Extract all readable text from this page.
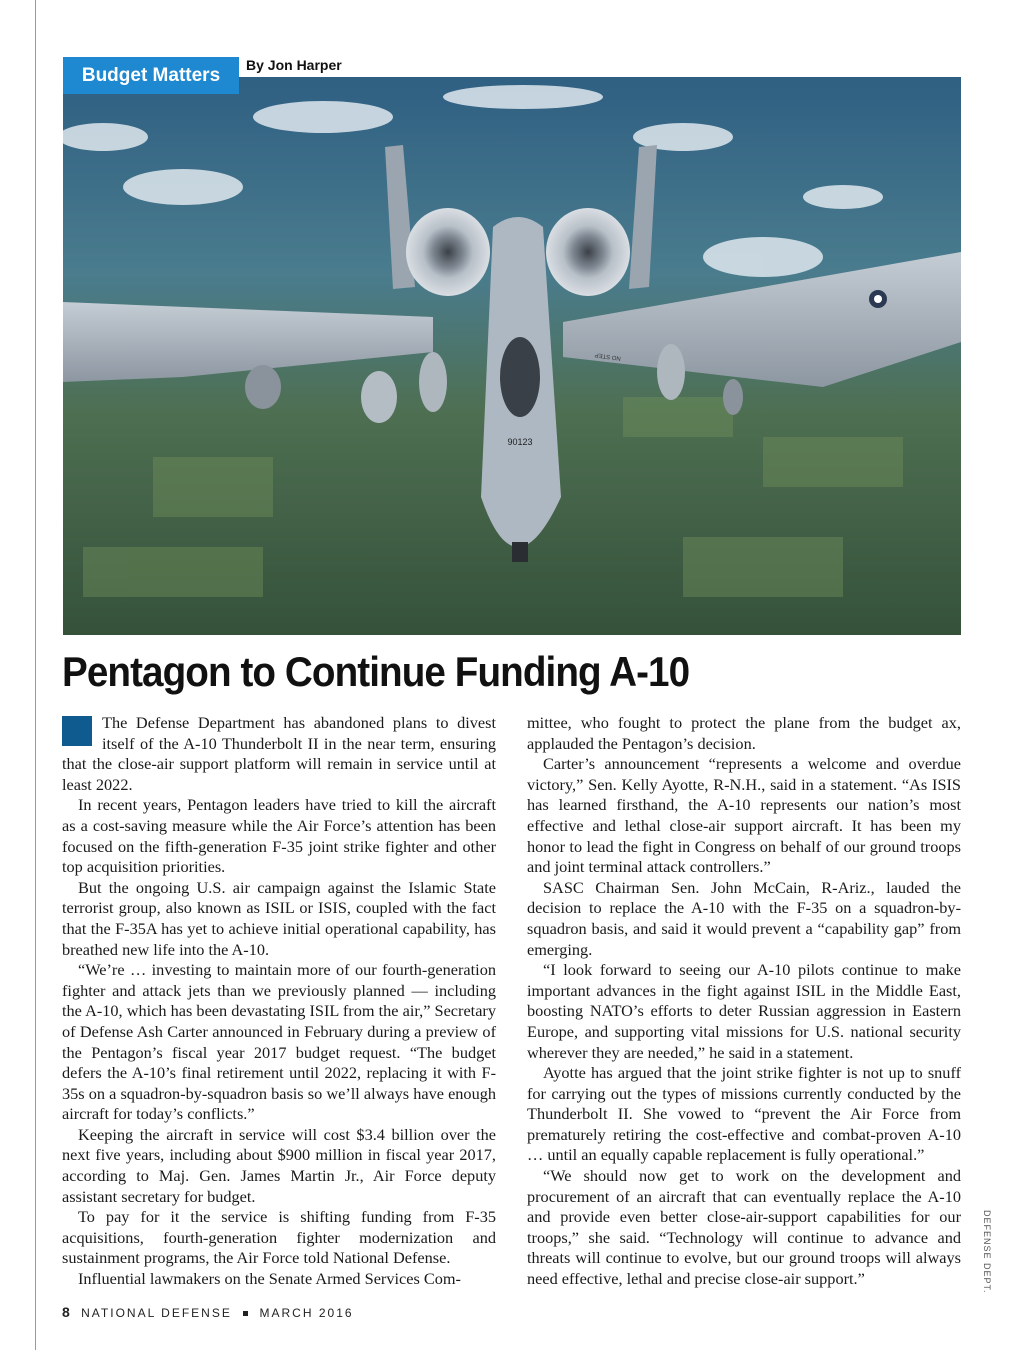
90123
NO STEP
Budget Matters	By Jon Harper
Pentagon to Continue Funding A-10

The Defense Department has abandoned plans to divest itself of the A-10 Thunderbolt II in the near term, ensuring that the close-air support platform will remain in service until at least 2022.

In recent years, Pentagon leaders have tried to kill the aircraft as a cost-saving measure while the Air Force’s attention has been focused on the fifth-generation F-35 joint strike fighter and other top acquisition priorities.

But the ongoing U.S. air campaign against the Islamic State terrorist group, also known as ISIL or ISIS, coupled with the fact that the F-35A has yet to achieve initial operational capability, has breathed new life into the A-10.

“We’re … investing to maintain more of our fourth-generation fighter and attack jets than we previously planned — including the A-10, which has been devastating ISIL from the air,” Secretary of Defense Ash Carter announced in February during a preview of the Pentagon’s fiscal year 2017 budget request. “The budget defers the A-10’s final retirement until 2022, replacing it with F-35s on a squadron-by-squadron basis so we’ll always have enough aircraft for today’s conflicts.”

Keeping the aircraft in service will cost $3.4 billion over the next five years, including about $900 million in fiscal year 2017, according to Maj. Gen. James Martin Jr., Air Force deputy assistant secretary for budget.

To pay for it the service is shifting funding from F-35 acquisitions, fourth-generation fighter modernization and sustainment programs, the Air Force told National Defense.

Influential lawmakers on the Senate Armed Services Com-

mittee, who fought to protect the plane from the budget ax, applauded the Pentagon’s decision.

Carter’s announcement “represents a welcome and overdue victory,” Sen. Kelly Ayotte, R-N.H., said in a statement. “As ISIS has learned firsthand, the A-10 represents our nation’s most effective and lethal close-air support aircraft. It has been my honor to lead the fight in Congress on behalf of our ground troops and joint terminal attack controllers.”

SASC Chairman Sen. John McCain, R-Ariz., lauded the decision to replace the A-10 with the F-35 on a squadron-by-squadron basis, and said it would prevent a “capability gap” from emerging.

“I look forward to seeing our A-10 pilots continue to make important advances in the fight against ISIL in the Middle East, boosting NATO’s efforts to deter Russian aggression in Eastern Europe, and supporting vital missions for U.S. national security wherever they are needed,” he said in a statement.

Ayotte has argued that the joint strike fighter is not up to snuff for carrying out the types of missions currently conducted by the Thunderbolt II. She vowed to “prevent the Air Force from prematurely retiring the cost-effective and combat-proven A-10 … until an equally capable replacement is fully operational.”

“We should now get to work on the development and procurement of an aircraft that can eventually replace the A-10 and provide even better close-air-support capabilities for our troops,” she said. “Technology will continue to advance and threats will continue to evolve, but our ground troops will always need effective, lethal and precise close-air support.”	DEFENSE DEPT.
8 NATIONAL DEFENSE MARCH 2016
